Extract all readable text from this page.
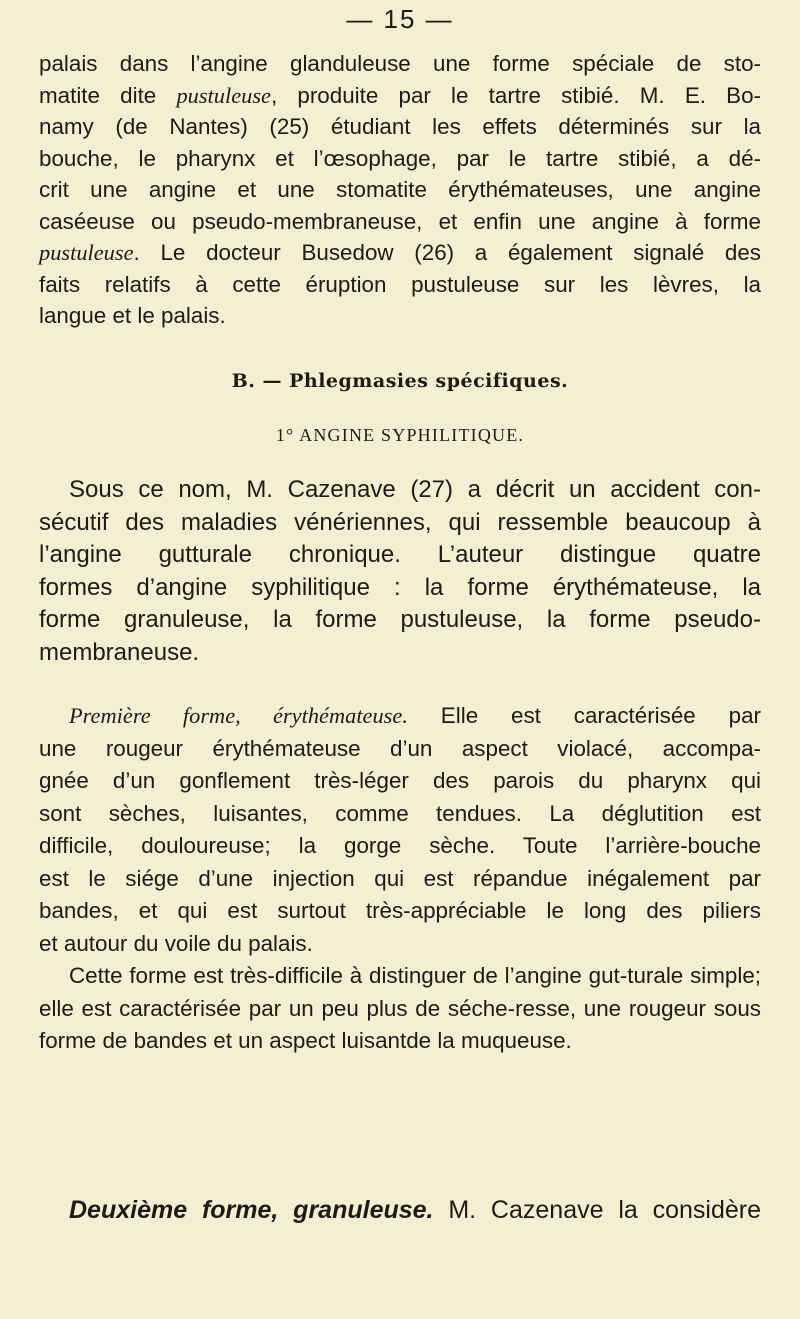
— 15 —
palais dans l’angine glanduleuse une forme spéciale de sto-
matite dite pustuleuse, produite par le tartre stibié. M. E. Bo-
namy (de Nantes) (25) étudiant les effets déterminés sur la
bouche, le pharynx et l’œsophage, par le tartre stibié, a dé-
crit une angine et une stomatite érythémateuses, une angine
caséeuse ou pseudo-membraneuse, et enfin une angine à forme
pustuleuse. Le docteur Busedow (26) a également signalé des
faits relatifs à cette éruption pustuleuse sur les lèvres, la
langue et le palais.
B. — Phlegmasies spécifiques.
1° ANGINE SYPHILITIQUE.
Sous ce nom, M. Cazenave (27) a décrit un accident con-
sécutif des maladies vénériennes, qui ressemble beaucoup à
l’angine gutturale chronique. L’auteur distingue quatre
formes d’angine syphilitique : la forme érythémateuse, la
forme granuleuse, la forme pustuleuse, la forme pseudo-
membraneuse.
Première forme, érythémateuse. Elle est caractérisée par
une rougeur érythémateuse d’un aspect violacé, accompa-
gnée d’un gonflement très-léger des parois du pharynx qui
sont sèches, luisantes, comme tendues. La déglutition est
difficile, douloureuse; la gorge sèche. Toute l’arrière-bouche
est le siége d’une injection qui est répandue inégalement par
bandes, et qui est surtout très-appréciable le long des piliers
et autour du voile du palais.
Cette forme est très-difficile à distinguer de l’angine gut-turale simple; elle est caractérisée par un peu plus de séche-resse, une rougeur sous forme de bandes et un aspect luisantde la muqueuse.
Deuxième forme, granuleuse. M. Cazenave la considère
